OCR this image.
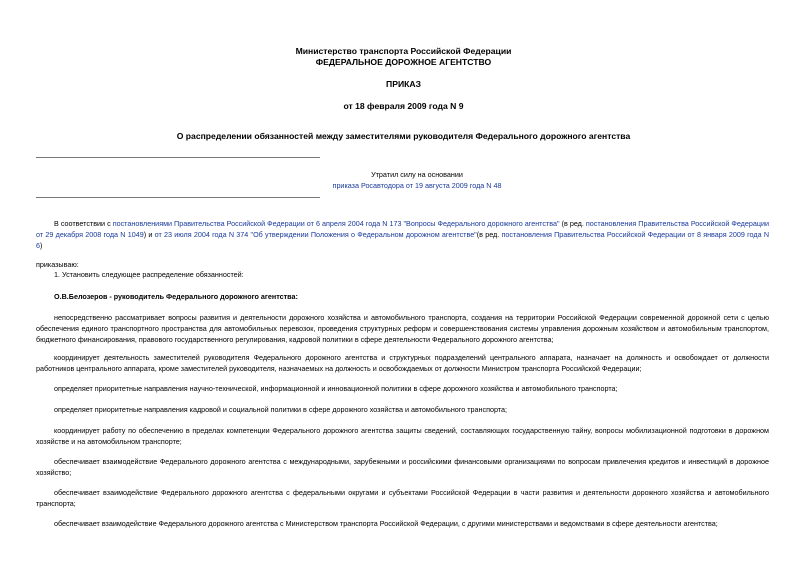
Министерство транспорта Российской Федерации
ФЕДЕРАЛЬНОЕ ДОРОЖНОЕ АГЕНТСТВО
ПРИКАЗ
от 18 февраля 2009 года N 9
О распределении обязанностей между заместителями руководителя Федерального дорожного агентства
Утратил силу на основании
приказа Росавтодора от 19 августа 2009 года N 48
В соответствии с постановлениями Правительства Российской Федерации от 6 апреля 2004 года N 173 "Вопросы Федерального дорожного агентства" (в ред. постановления Правительства Российской Федерации от 29 декабря 2008 года N 1049) и от 23 июля 2004 года N 374 "Об утверждении Положения о Федеральном дорожном агентстве"(в ред. постановления Правительства Российской Федерации от 8 января 2009 года N 6)
приказываю:
1. Установить следующее распределение обязанностей:
О.В.Белозеров - руководитель Федерального дорожного агентства:
непосредственно рассматривает вопросы развития и деятельности дорожного хозяйства и автомобильного транспорта, создания на территории Российской Федерации современной дорожной сети с целью обеспечения единого транспортного пространства для автомобильных перевозок, проведения структурных реформ и совершенствования системы управления дорожным хозяйством и автомобильным транспортом, бюджетного финансирования, правового государственного регулирования, кадровой политики в сфере деятельности Федерального дорожного агентства;
координирует деятельность заместителей руководителя Федерального дорожного агентства и структурных подразделений центрального аппарата, назначает на должность и освобождает от должности работников центрального аппарата, кроме заместителей руководителя, назначаемых на должность и освобождаемых от должности Министром транспорта Российской Федерации;
определяет приоритетные направления научно-технической, информационной и инновационной политики в сфере дорожного хозяйства и автомобильного транспорта;
определяет приоритетные направления кадровой и социальной политики в сфере дорожного хозяйства и автомобильного транспорта;
координирует работу по обеспечению в пределах компетенции Федерального дорожного агентства защиты сведений, составляющих государственную тайну, вопросы мобилизационной подготовки в дорожном хозяйстве и на автомобильном транспорте;
обеспечивает взаимодействие Федерального дорожного агентства с международными, зарубежными и российскими финансовыми организациями по вопросам привлечения кредитов и инвестиций в дорожное хозяйство;
обеспечивает взаимодействие Федерального дорожного агентства с федеральными округами и субъектами Российской Федерации в части развития и деятельности дорожного хозяйства и автомобильного транспорта;
обеспечивает взаимодействие Федерального дорожного агентства с Министерством транспорта Российской Федерации, с другими министерствами и ведомствами в сфере деятельности агентства;
